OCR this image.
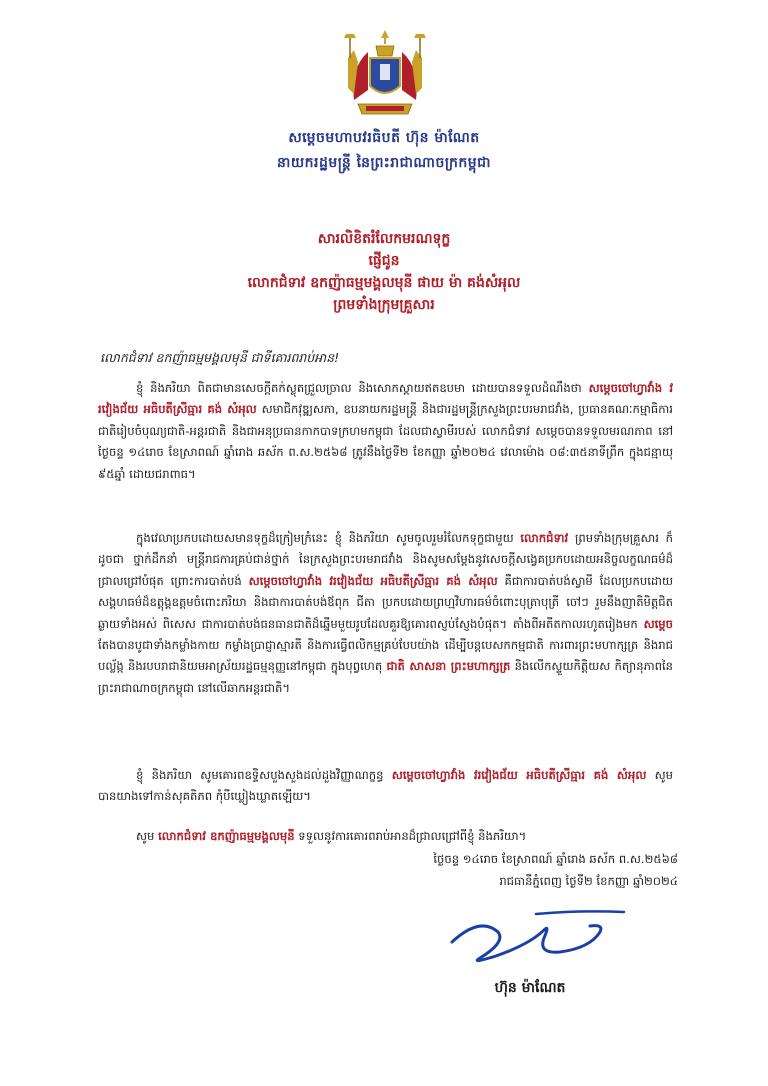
សម្តេចមហាបវរធិបតី ហ៊ុន ម៉ាណែត
នាយករដ្ឋមន្ត្រី នៃព្រះរាជាណាចក្រកម្ពុជា
សារលិខិតរំលែកមរណទុក្ខ
ផ្ញើជូន
លោកជំទាវ ឧកញ៉ាធម្មមង្គលមុនី ផាយ ម៉ា គង់សំអុល
ព្រមទាំងក្រុមគ្រួសារ
លោកជំទាវ ឧកញ៉ាធម្មមង្គលមុនី ជាទីគោរពរាប់អាន!
ខ្ញុំ និងភរិយា ពិតជាមានសេចក្តីតក់ស្លុតជ្រួលច្រាល និងសោកស្តាយឥតឧបមា ដោយបានទទួលដំណឹងថា សម្តេចចៅហ្វាវាំង វរវៀងជ័យ អធិបតីស្រីធ្មារ គង់ សំអុល សមាជិកវុឌ្ឍសភា, ឧបនាយករដ្ឋមន្ត្រី និងជារដ្ឋមន្ត្រីក្រសួងព្រះបរមរាជវាំង, ប្រធានគណៈកម្មាធិការជាតិរៀបចំបុណ្យជាតិ-អន្តរជាតិ និងជាអនុប្រធានកាកបាទក្រហមកម្ពុជា ដែលជាស្វាមីរបស់ លោកជំទាវ សម្តេចបានទទួលមរណភាព នៅថ្ងៃចន្ទ ១៤រោច ខែស្រាពណ៍ ឆ្នាំរោង ឆស័ក ព.ស.២៥៦៨ ត្រូវនឹងថ្ងៃទី២ ខែកញ្ញា ឆ្នាំ២០២៤ វេលាម៉ោង ០៨:៣៥នាទីព្រឹក ក្នុងជន្មាយុ ៩៥ឆ្នាំ ដោយជរាពាធ។
ក្នុងវេលាប្រកបដោយសមានទុក្ខដ៏ក្រៀមក្រំនេះ ខ្ញុំ និងភរិយា សូមចូលរួមរំលែកទុក្ខជាមួយ លោកជំទាវ ព្រមទាំងក្រុមគ្រួសារ ក៏ដូចជា ថ្នាក់ដឹកនាំ មន្ត្រីរាជការគ្រប់ជាន់ថ្នាក់ នៃក្រសួងព្រះបរមរាជវាំង និងសូមសម្តែងនូវសេចក្តីសង្វេគប្រកបដោយអនិច្ចលក្ខណធម៌ដ៏ជ្រាលជ្រៅបំផុត ព្រោះការបាត់បង់ សម្តេចចៅហ្វាវាំង វរវៀងជ័យ អធិបតីស្រីធ្មារ គង់ សំអុល គឺជាការបាត់បង់ស្វាមី ដែលប្រកបដោយសង្គហធម៌ដ៏ឧត្តុង្គឧត្តមចំពោះភរិយា និងជាការបាត់បង់ឪពុក ជីតា ប្រកបដោយព្រហ្មវិហារធម៌ចំពោះបុត្រាបុត្រី ចៅៗ រួមនឹងញាតិមិត្តជិតឆ្ងាយទាំងអស់ ពិសេស ជាការបាត់បង់ធនធានជាតិដ៏ឆ្នើមមួយរូបដែលគួរឱ្យគោរពស្ញប់ស្ញែងបំផុត។ តាំងពីអតីតកាលរហូតរៀងមក សម្តេច តែងបានបូជាទាំងកម្លាំងកាយ កម្លាំងប្រាជ្ញាស្មារតី និងការធ្វើពលិកម្មគ្រប់បែបយ៉ាង ដើម្បីបន្តបេសកកម្មជាតិ ការពារព្រះមហាក្សត្រ និងរាជបល្ល័ង្ក និងរបបរាជានិយមអាស្រ័យរដ្ឋធម្មនុញ្ញនៅកម្ពុជា ក្នុងបុព្វហេតុ ជាតិ សាសនា ព្រះមហាក្សត្រ និងលើកស្ទួយកិត្តិយស កិត្យានុភាពនៃព្រះរាជាណាចក្រកម្ពុជា នៅលើឆាកអន្តរជាតិ។
ខ្ញុំ និងភរិយា សូមគោរពឧទ្ទិសបួងសួងដល់ដួងវិញ្ញាណក្ខន្ធ សម្តេចចៅហ្វាវាំង វរវៀងជ័យ អធិបតីស្រីធ្មារ គង់ សំអុល សូមបានយាងទៅកាន់សុគតិភព កុំបីឃ្លៀងឃ្លាតឡើយ។
សូម លោកជំទាវ ឧកញ៉ាធម្មមង្គលមុនី ទទួលនូវការគោរពរាប់អានដ៏ជ្រាលជ្រៅពីខ្ញុំ និងភរិយា។
ថ្ងៃចន្ទ ១៤រោច ខែស្រាពណ៍ ឆ្នាំរោង ឆស័ក ព.ស.២៥៦៨
រាជធានីភ្នំពេញ ថ្ងៃទី២ ខែកញ្ញា ឆ្នាំ២០២៤
ហ៊ុន ម៉ាណែត
